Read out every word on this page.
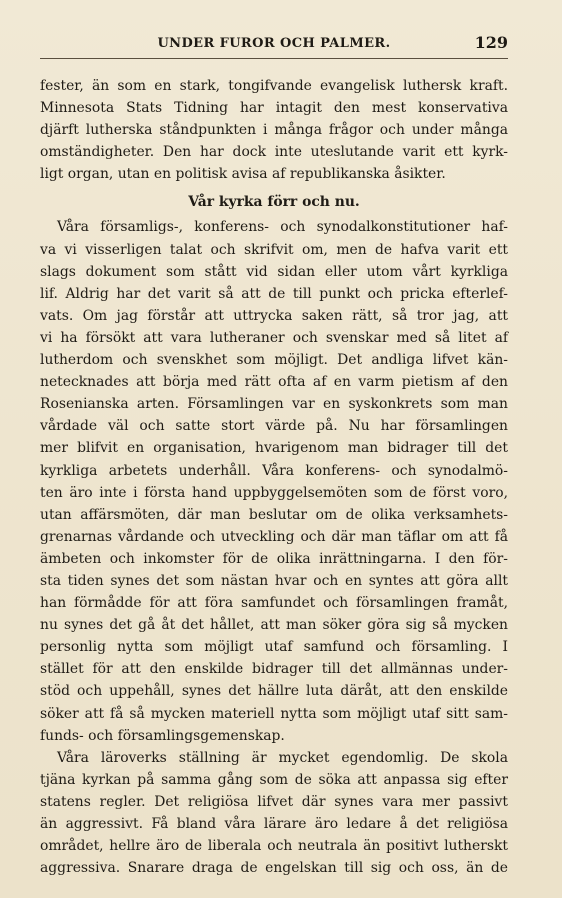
UNDER FUROR OCH PALMER.	129
fester, än som en stark, tongifvande evangelisk luthersk kraft.
Minnesota Stats Tidning har intagit den mest konservativa
djärft lutherska ståndpunkten i många frågor och under många
omständigheter. Den har dock inte uteslutande varit ett kyrk-
ligt organ, utan en politisk avisa af republikanska åsikter.
Vår kyrka förr och nu.
Våra församligs-, konferens- och synodalkonstitutioner haf-
va vi visserligen talat och skrifvit om, men de hafva varit ett
slags dokument som stått vid sidan eller utom vårt kyrkliga
lif. Aldrig har det varit så att de till punkt och pricka efterlef-
vats. Om jag förstår att uttrycka saken rätt, så tror jag, att
vi ha försökt att vara lutheraner och svenskar med så litet af
lutherdom och svenskhet som möjligt. Det andliga lifvet kän-
netecknades att börja med rätt ofta af en varm pietism af den
Rosenianska arten. Församlingen var en syskonkrets som man
vårdade väl och satte stort värde på. Nu har församlingen
mer blifvit en organisation, hvarigenom man bidrager till det
kyrkliga arbetets underhåll. Våra konferens- och synodalmö-
ten äro inte i första hand uppbyggelsemöten som de först voro,
utan affärsmöten, där man beslutar om de olika verksamhets-
grenarnas vårdande och utveckling och där man täflar om att få
ämbeten och inkomster för de olika inrättningarna. I den för-
sta tiden synes det som nästan hvar och en syntes att göra allt
han förmådde för att föra samfundet och församlingen framåt,
nu synes det gå åt det hållet, att man söker göra sig så mycken
personlig nytta som möjligt utaf samfund och församling. I
stället för att den enskilde bidrager till det allmännas under-
stöd och uppehåll, synes det hällre luta däråt, att den enskilde
söker att få så mycken materiell nytta som möjligt utaf sitt sam-
funds- och församlingsgemenskap.
Våra läroverks ställning är mycket egendomlig. De skola
tjäna kyrkan på samma gång som de söka att anpassa sig efter
statens regler. Det religiösa lifvet där synes vara mer passivt
än aggressivt. Få bland våra lärare äro ledare å det religiösa
området, hellre äro de liberala och neutrala än positivt lutherskt
aggressiva. Snarare draga de engelskan till sig och oss, än de
